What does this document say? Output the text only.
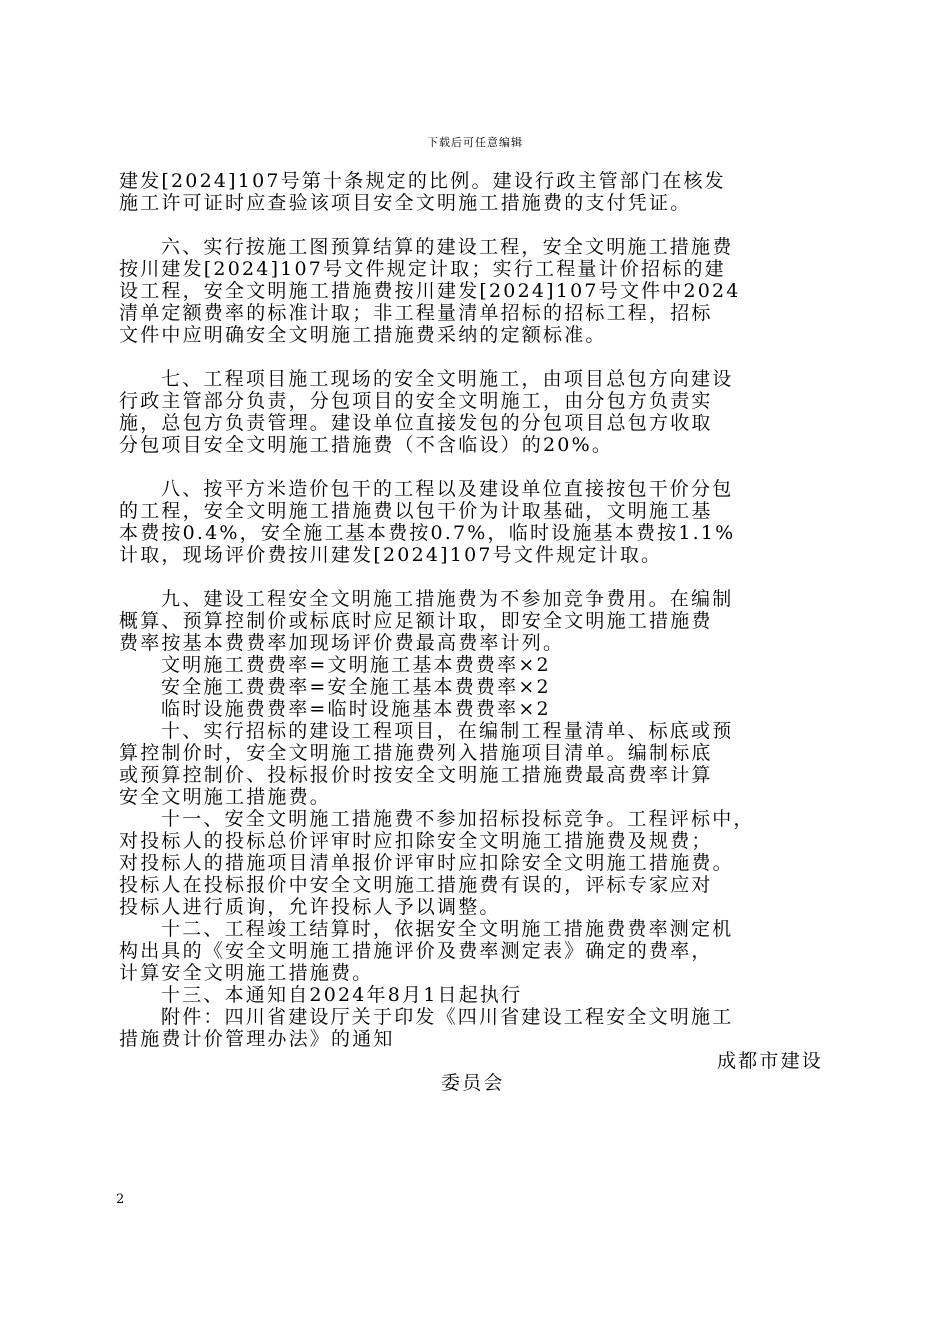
下载后可任意编辑
建发[2024]107号第十条规定的比例。建设行政主管部门在核发
施工许可证时应查验该项目安全文明施工措施费的支付凭证。
六、实行按施工图预算结算的建设工程，安全文明施工措施费
按川建发[2024]107号文件规定计取；实行工程量计价招标的建
设工程，安全文明施工措施费按川建发[2024]107号文件中2024
清单定额费率的标准计取；非工程量清单招标的招标工程，招标
文件中应明确安全文明施工措施费采纳的定额标准。
七、工程项目施工现场的安全文明施工，由项目总包方向建设
行政主管部分负责，分包项目的安全文明施工，由分包方负责实
施，总包方负责管理。建设单位直接发包的分包项目总包方收取
分包项目安全文明施工措施费（不含临设）的20%。
八、按平方米造价包干的工程以及建设单位直接按包干价分包
的工程，安全文明施工措施费以包干价为计取基础，文明施工基
本费按0.4%，安全施工基本费按0.7%，临时设施基本费按1.1%
计取，现场评价费按川建发[2024]107号文件规定计取。
九、建设工程安全文明施工措施费为不参加竞争费用。在编制
概算、预算控制价或标底时应足额计取，即安全文明施工措施费
费率按基本费费率加现场评价费最高费率计列。
文明施工费费率=文明施工基本费费率×2
安全施工费费率=安全施工基本费费率×2
临时设施费费率=临时设施基本费费率×2
十、实行招标的建设工程项目，在编制工程量清单、标底或预
算控制价时，安全文明施工措施费列入措施项目清单。编制标底
或预算控制价、投标报价时按安全文明施工措施费最高费率计算
安全文明施工措施费。
十一、安全文明施工措施费不参加招标投标竞争。工程评标中，
对投标人的投标总价评审时应扣除安全文明施工措施费及规费；
对投标人的措施项目清单报价评审时应扣除安全文明施工措施费。
投标人在投标报价中安全文明施工措施费有误的，评标专家应对
投标人进行质询，允许投标人予以调整。
十二、工程竣工结算时，依据安全文明施工措施费费率测定机
构出具的《安全文明施工措施评价及费率测定表》确定的费率，
计算安全文明施工措施费。
十三、本通知自2024年8月1日起执行
附件：四川省建设厅关于印发《四川省建设工程安全文明施工
措施费计价管理办法》的通知
成都市建设
委员会
2
